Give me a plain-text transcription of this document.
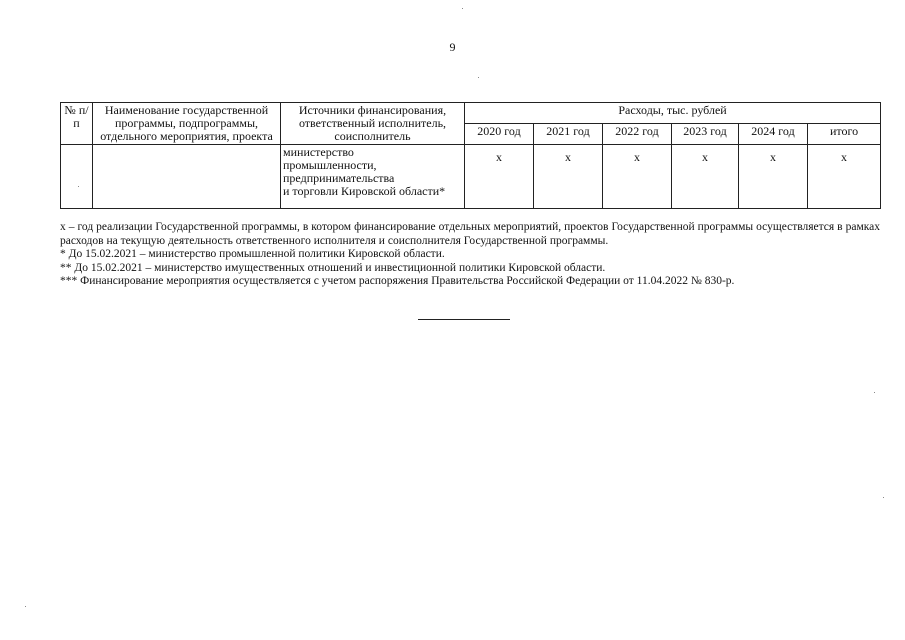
9
№ п/п	Наименование государственной программы, подпрограммы, отдельного мероприятия, проекта	Источники финансирования, ответственный исполнитель, соисполнитель	Расходы, тыс. рублей					
			2020 год	2021 год	2022 год	2023 год	2024 год	итого

		министерство
промышленности,
предпринимательства
и торговли Кировской области*	х	х	х	х	х	х

х – год реализации Государственной программы, в котором финансирование отдельных мероприятий, проектов Государственной программы осуществляется в рамках расходов на текущую деятельность ответственного исполнителя и соисполнителя Государственной программы.

* До 15.02.2021 – министерство промышленной политики Кировской области.

** До 15.02.2021 – министерство имущественных отношений и инвестиционной политики Кировской области.

*** Финансирование мероприятия осуществляется с учетом распоряжения Правительства Российской Федерации от 11.04.2022 № 830-р.
